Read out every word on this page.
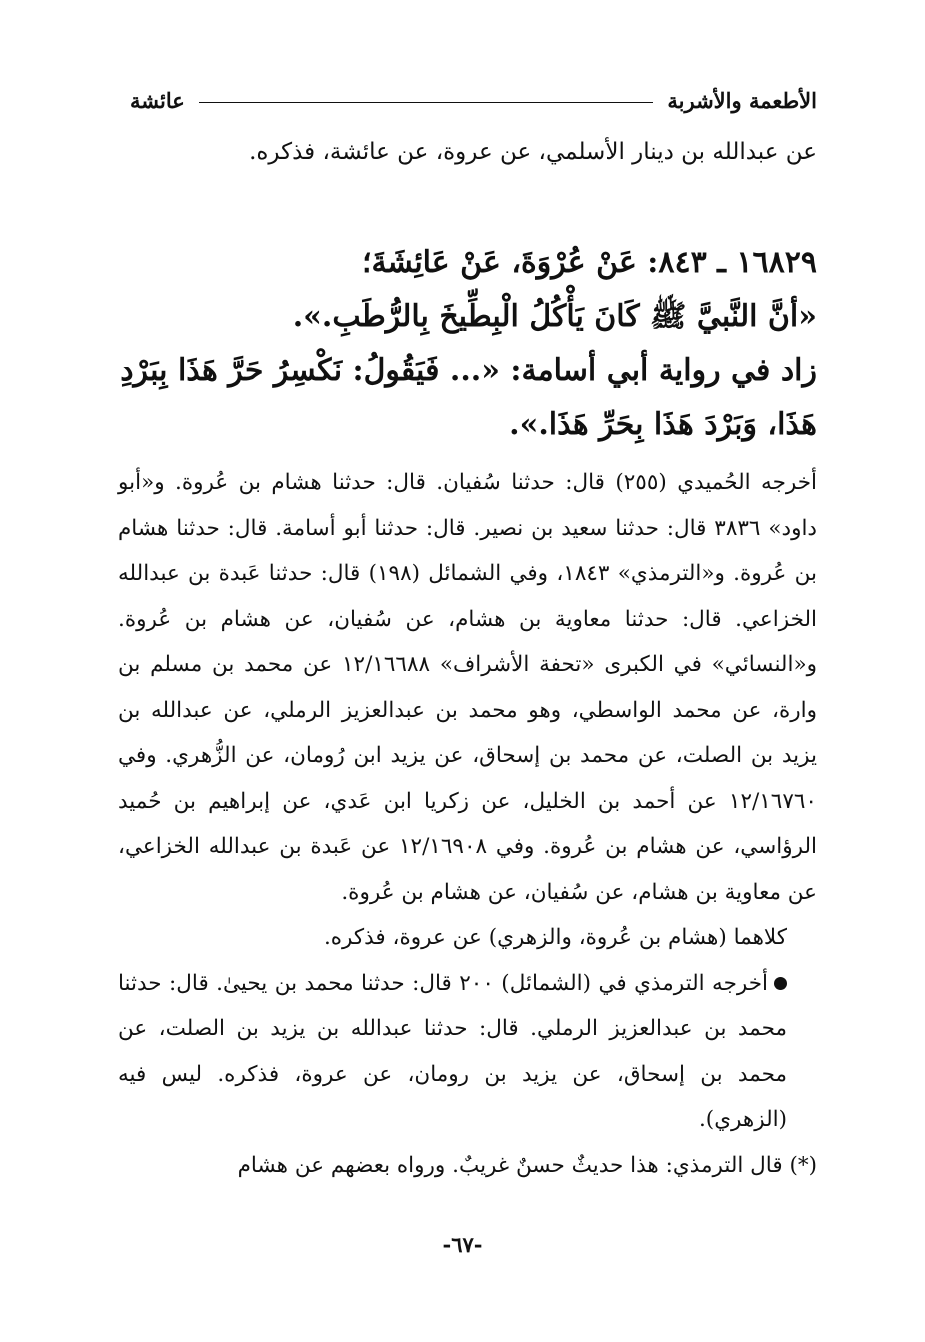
الأطعمة والأشربة
عائشة
عن عبدالله بن دينار الأسلمي، عن عروة، عن عائشة، فذكره.
١٦٨٢٩ ـ ٨٤٣: عَنْ عُرْوَةَ، عَنْ عَائِشَةَ؛
«أنَّ النَّبيَّ ﷺ كَانَ يَأْكُلُ الْبِطِّيخَ بِالرُّطَبِ.».
زاد في رواية أبي أسامة: «... فَيَقُولُ: نَكْسِرُ حَرَّ هَذَا بِبَرْدِ
هَذَا، وَبَرْدَ هَذَا بِحَرِّ هَذَا.».

أخرجه الحُميدي (٢٥٥) قال: حدثنا سُفيان. قال: حدثنا هشام بن عُروة. و«أبو داود» ٣٨٣٦ قال: حدثنا سعيد بن نصير. قال: حدثنا أبو أسامة. قال: حدثنا هشام بن عُروة. و«الترمذي» ١٨٤٣، وفي الشمائل (١٩٨) قال: حدثنا عَبدة بن عبدالله الخزاعي. قال: حدثنا معاوية بن هشام، عن سُفيان، عن هشام بن عُروة. و«النسائي» في الكبرى «تحفة الأشراف» ١٢/١٦٦٨٨ عن محمد بن مسلم بن وارة، عن محمد الواسطي، وهو محمد بن عبدالعزيز الرملي، عن عبدالله بن يزيد بن الصلت، عن محمد بن إسحاق، عن يزيد ابن رُومان، عن الزُّهري. وفي ١٢/١٦٧٦٠ عن أحمد بن الخليل، عن زكريا ابن عَدي، عن إبراهيم بن حُميد الرؤاسي، عن هشام بن عُروة. وفي ١٢/١٦٩٠٨ عن عَبدة بن عبدالله الخزاعي، عن معاوية بن هشام، عن سُفيان، عن هشام بن عُروة.

كلاهما (هشام بن عُروة، والزهري) عن عروة، فذكره.

أخرجه الترمذي في (الشمائل) ٢٠٠ قال: حدثنا محمد بن يحيىٰ. قال: حدثنا محمد بن عبدالعزيز الرملي. قال: حدثنا عبدالله بن يزيد بن الصلت، عن محمد بن إسحاق، عن يزيد بن رومان، عن عروة، فذكره. ليس فيه (الزهري).

(*) قال الترمذي: هذا حديثٌ حسنٌ غريبٌ. ورواه بعضهم عن هشام

-٦٧-
